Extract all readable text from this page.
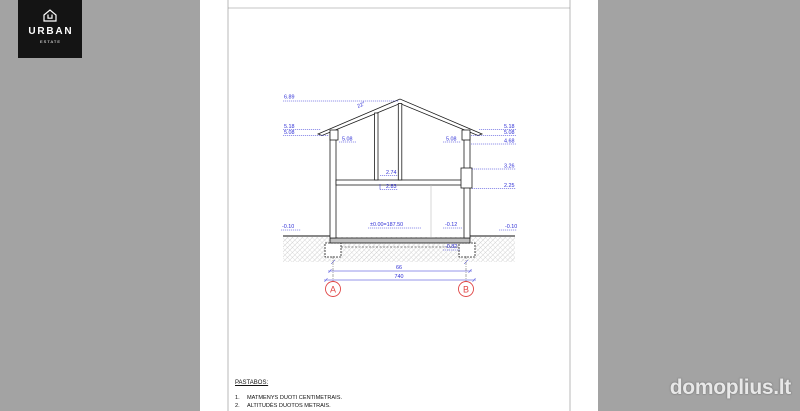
6.89
22°
5.18
5.08
5.08	5.08
5.18
5.08
4.68
3.26
2.25
2.74
2.83
±0.00=187.50	-0.12
-0.10	-0.10
-0.82
66
740
A	B
PASTABOS:
1. MATMENYS DUOTI CENTIMETRAIS.
2. ALTITUDĖS DUOTOS METRAIS.
URBAN
ESTATE
domoplius.lt
